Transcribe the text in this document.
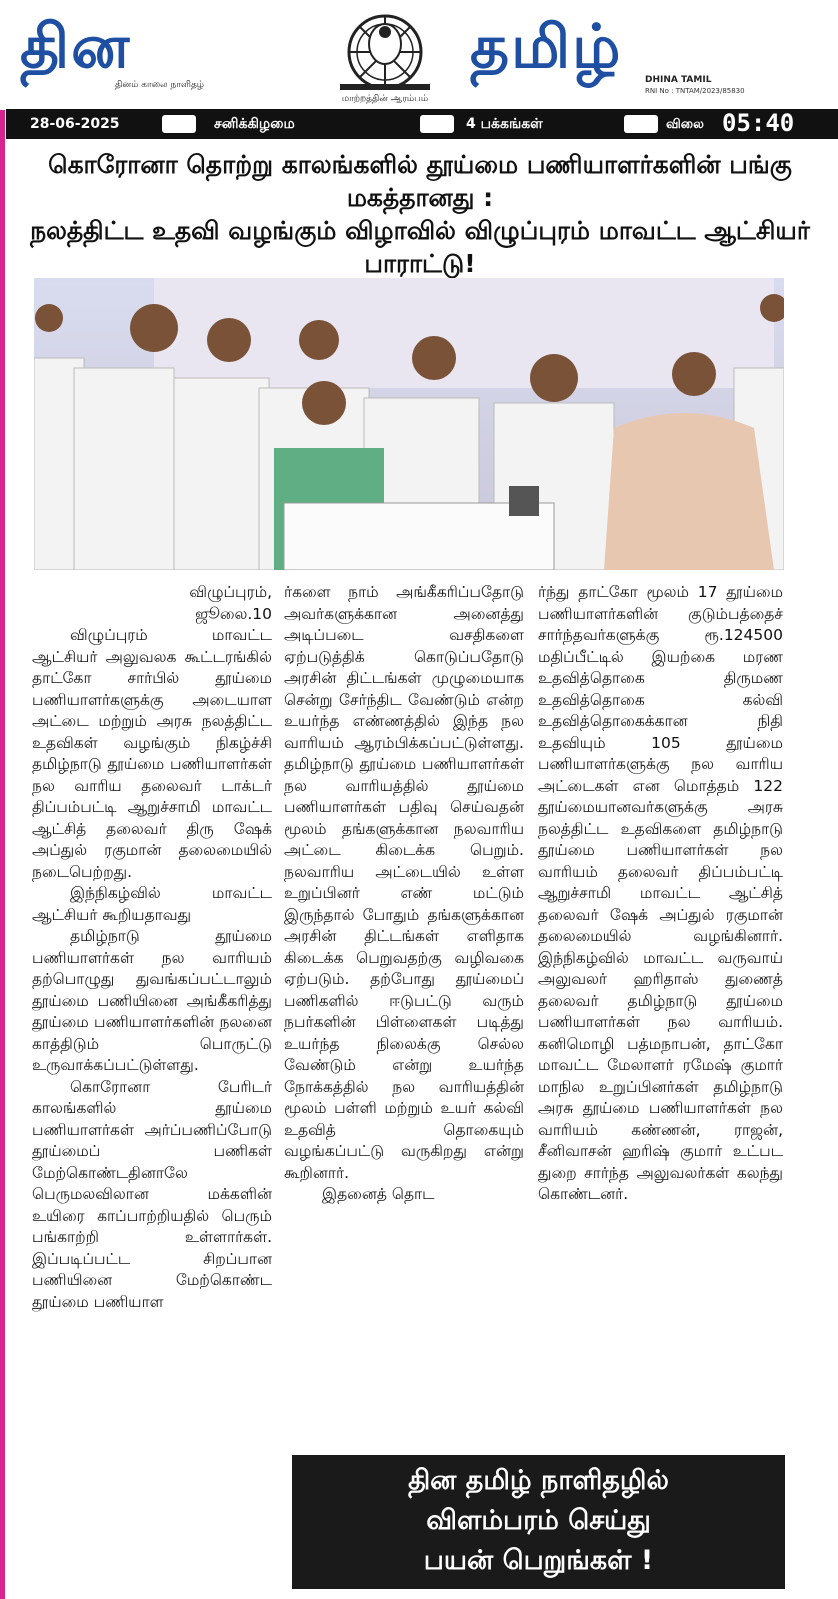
தின
தினம் காலை நாளிதழ்
மாற்றத்தின் ஆரம்பம்
தமிழ்	DHINA TAMIL
RNI No : TNTAM/2023/85830
28-06-2025	சனிக்கிழமை	4 பக்கங்கள்	விலை 05:40
கொரோனா தொற்று காலங்களில் தூய்மை பணியாளர்களின் பங்கு மகத்தானது :
நலத்திட்ட உதவி வழங்கும் விழாவில் விழுப்புரம் மாவட்ட ஆட்சியர் பாராட்டு!

விழுப்புரம்,

ஜூலை.10

விழுப்புரம் மாவட்ட ஆட்சியர் அலுவலக கூட்டரங்கில் தாட்கோ சார்பில் தூய்மை பணியாளர்களுக்கு அடையாள அட்டை மற்றும் அரசு நலத்திட்ட உதவிகள் வழங்கும் நிகழ்ச்சி தமிழ்நாடு தூய்மை பணியாளர்கள் நல வாரிய தலைவர் டாக்டர் திப்பம்பட்டி ஆறுச்சாமி மாவட்ட ஆட்சித் தலைவர் திரு ஷேக் அப்துல் ரகுமான் தலைமையில் நடைபெற்றது.

இந்நிகழ்வில் மாவட்ட ஆட்சியர் கூறியதாவது

தமிழ்நாடு தூய்மை பணியாளர்கள் நல வாரியம் தற்பொழுது துவங்கப்பட்டாலும் தூய்மை பணியினை அங்கீகரித்து தூய்மை பணியாளர்களின் நலனை காத்திடும் பொருட்டு உருவாக்கப்பட்டுள்ளது.

கொரோனா பேரிடர் காலங்களில் தூய்மை பணியாளர்கள் அர்ப்பணிப்போடு தூய்மைப் பணிகள் மேற்கொண்டதினாலே பெருமலவிலான மக்களின் உயிரை காப்பாற்றியதில் பெரும் பங்காற்றி உள்ளார்கள். இப்படிப்பட்ட சிறப்பான பணியினை மேற்கொண்ட தூய்மை பணியாள

ர்களை நாம் அங்கீகரிப்பதோடு அவர்களுக்கான அனைத்து அடிப்படை வசதிகளை ஏற்படுத்திக் கொடுப்பதோடு அரசின் திட்டங்கள் முழுமையாக சென்று சேர்ந்திட வேண்டும் என்ற உயர்ந்த எண்ணத்தில் இந்த நல வாரியம் ஆரம்பிக்கப்பட்டுள்ளது. தமிழ்நாடு தூய்மை பணியாளர்கள் நல வாரியத்தில் தூய்மை பணியாளர்கள் பதிவு செய்வதன் மூலம் தங்களுக்கான நலவாரிய அட்டை கிடைக்க பெறும். நலவாரிய அட்டையில் உள்ள உறுப்பினர் எண் மட்டும் இருந்தால் போதும் தங்களுக்கான அரசின் திட்டங்கள் எளிதாக கிடைக்க பெறுவதற்கு வழிவகை ஏற்படும். தற்போது தூய்மைப் பணிகளில் ஈடுபட்டு வரும் நபர்களின் பிள்ளைகள் படித்து உயர்ந்த நிலைக்கு செல்ல வேண்டும் என்று உயர்ந்த நோக்கத்தில் நல வாரியத்தின் மூலம் பள்ளி மற்றும் உயர் கல்வி உதவித் தொகையும் வழங்கப்பட்டு வருகிறது என்று கூறினார்.

இதனைத் தொட

ர்ந்து தாட்கோ மூலம் 17 தூய்மை பணியாளர்களின் குடும்பத்தைச் சார்ந்தவர்களுக்கு ரூ.124500 மதிப்பீட்டில் இயற்கை மரண உதவித்தொகை திருமண உதவித்தொகை கல்வி உதவித்தொகைக்கான நிதி உதவியும் 105 தூய்மை பணியாளர்களுக்கு நல வாரிய அட்டைகள் என மொத்தம் 122 தூய்மையானவர்களுக்கு அரசு நலத்திட்ட உதவிகளை தமிழ்நாடு தூய்மை பணியாளர்கள் நல வாரியம் தலைவர் திப்பம்பட்டி ஆறுச்சாமி மாவட்ட ஆட்சித் தலைவர் ஷேக் அப்துல் ரகுமான் தலைமையில் வழங்கினார். இந்நிகழ்வில் மாவட்ட வருவாய் அலுவலர் ஹரிதாஸ் துணைத் தலைவர் தமிழ்நாடு தூய்மை பணியாளர்கள் நல வாரியம். கனிமொழி பத்மநாபன், தாட்கோ மாவட்ட மேலாளர் ரமேஷ் குமார் மாநில உறுப்பினர்கள் தமிழ்நாடு அரசு தூய்மை பணியாளர்கள் நல வாரியம் கண்ணன், ராஜன், சீனிவாசன் ஹரிஷ் குமார் உட்பட துறை சார்ந்த அலுவலர்கள் கலந்து கொண்டனர்.

தின தமிழ் நாளிதழில்
விளம்பரம் செய்து
பயன் பெறுங்கள் !
